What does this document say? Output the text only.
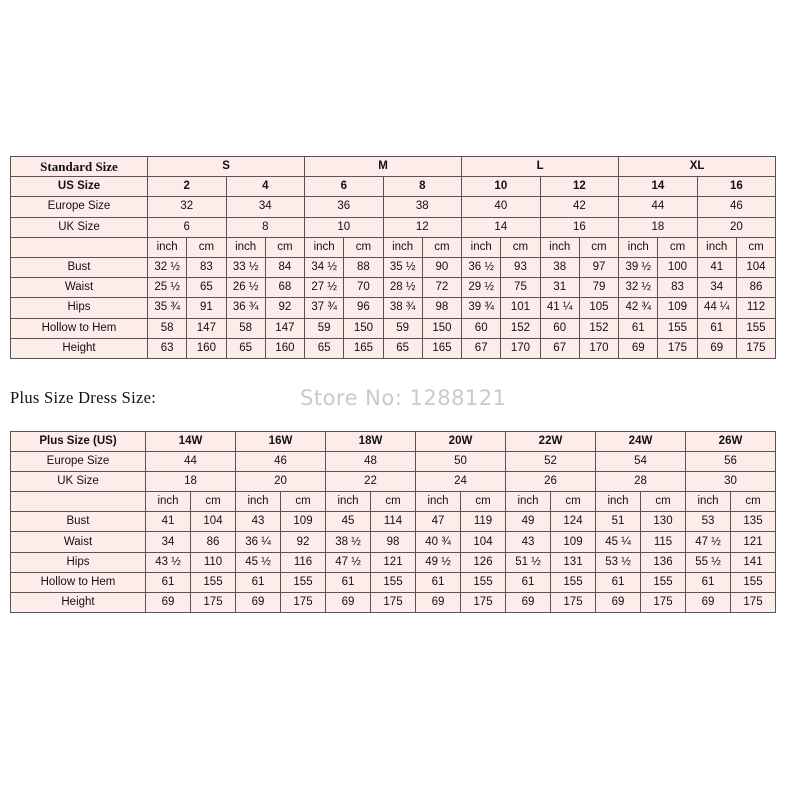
Standard Size	S				M				L				XL			
US Size	2		4		6		8		10		12		14		16	
Europe Size	32		34		36		38		40		42		44		46	
UK Size	6		8		10		12		14		16		18		20	
	inch	cm	inch	cm	inch	cm	inch	cm	inch	cm	inch	cm	inch	cm	inch	cm
Bust	32 ½	83	33 ½	84	34 ½	88	35 ½	90	36 ½	93	38	97	39 ½	100	41	104
Waist	25 ½	65	26 ½	68	27 ½	70	28 ½	72	29 ½	75	31	79	32 ½	83	34	86
Hips	35 ¾	91	36 ¾	92	37 ¾	96	38 ¾	98	39 ¾	101	41 ¼	105	42 ¾	109	44 ¼	112
Hollow to Hem	58	147	58	147	59	150	59	150	60	152	60	152	61	155	61	155
Height	63	160	65	160	65	165	65	165	67	170	67	170	69	175	69	175
Plus Size Dress Size:	Store No: 1288121
Plus Size (US)	14W		16W		18W		20W		22W		24W		26W	
Europe Size	44		46		48		50		52		54		56	
UK Size	18		20		22		24		26		28		30	
	inch	cm	inch	cm	inch	cm	inch	cm	inch	cm	inch	cm	inch	cm
Bust	41	104	43	109	45	114	47	119	49	124	51	130	53	135
Waist	34	86	36 ¼	92	38 ½	98	40 ¾	104	43	109	45 ¼	115	47 ½	121
Hips	43 ½	110	45 ½	116	47 ½	121	49 ½	126	51 ½	131	53 ½	136	55 ½	141
Hollow to Hem	61	155	61	155	61	155	61	155	61	155	61	155	61	155
Height	69	175	69	175	69	175	69	175	69	175	69	175	69	175
